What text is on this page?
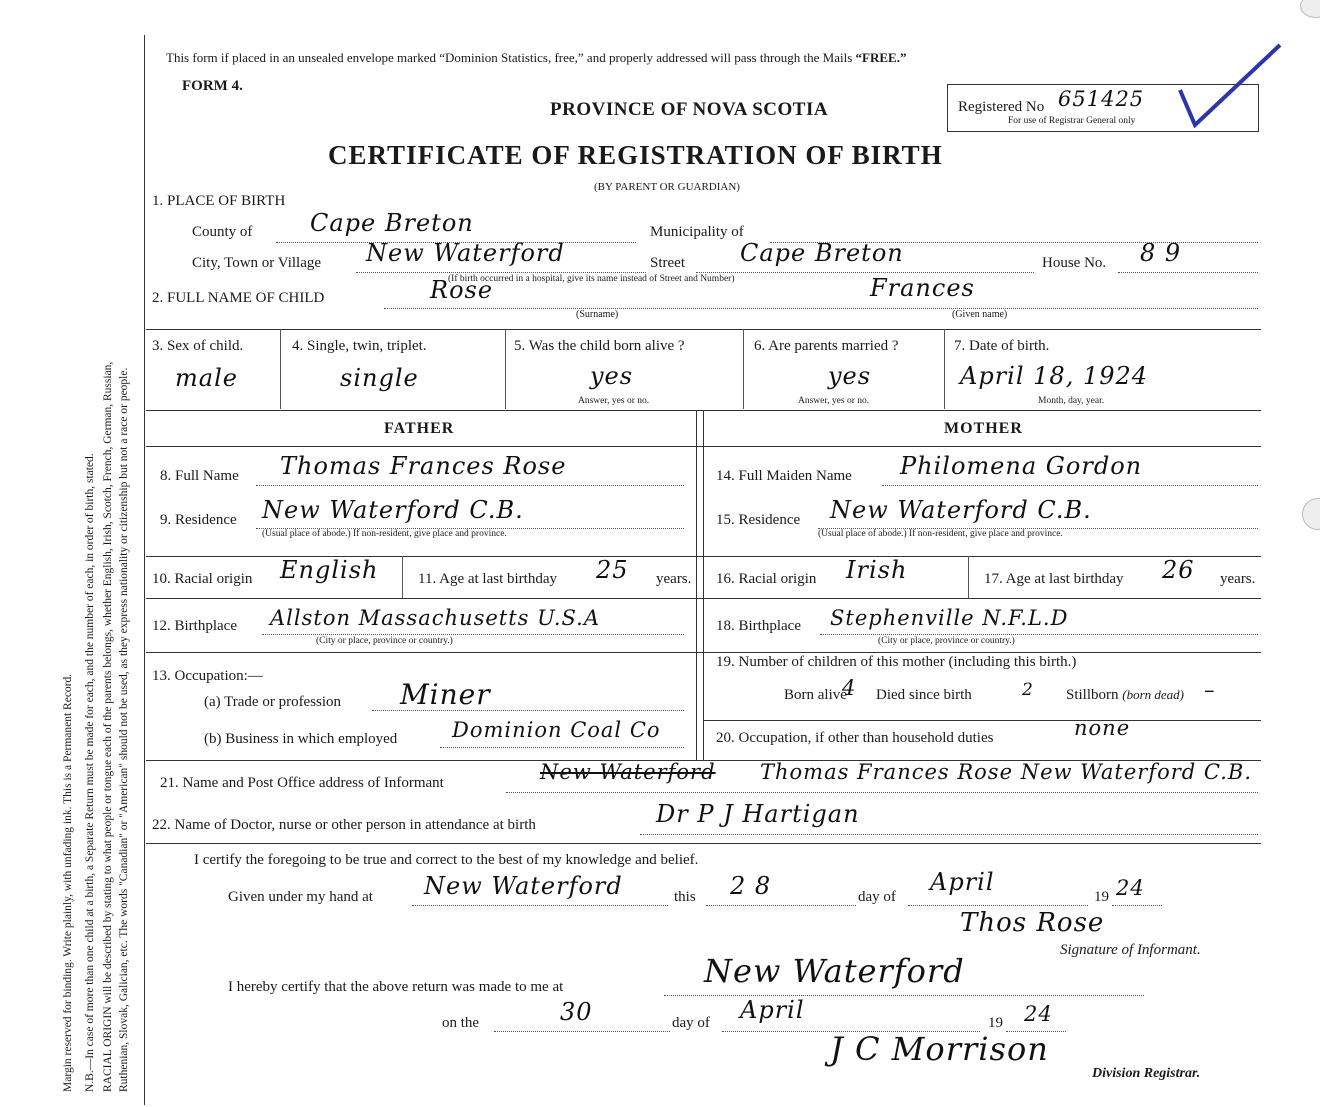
Margin reserved for binding. Write plainly, with unfading ink. This is a Permanent Record. N.B.—In case of more than one child at a birth, a Separate Return must be made for each, and the number of each, in order of birth, stated. RACIAL ORIGIN will be described by stating to what people or tongue each of the parents belongs, whether English, Irish, Scotch, French, German, Russian, Ruthenian, Slovak, Galician, etc. The words "Canadian" or "American" should not be used, as they express nationality or citizenship but not a race or people.
This form if placed in an unsealed envelope marked “Dominion Statistics, free,” and properly addressed will pass through the Mails “FREE.”
FORM 4.
PROVINCE OF NOVA SCOTIA	Registered No 651425
For use of Registrar General only
CERTIFICATE OF REGISTRATION OF BIRTH
(BY PARENT OR GUARDIAN)
1. PLACE OF BIRTH
County of Cape Breton	Municipality of
City, Town or Village New Waterford	Street Cape Breton	House No. 8 9
(If birth occurred in a hospital, give its name instead of Street and Number)
2. FULL NAME OF CHILD	Rose	Frances
(Surname)	(Given name)
3. Sex of child.
male
4. Single, twin, triplet.
single
5. Was the child born alive ?
yes
Answer, yes or no.
6. Are parents married ?
yes
Answer, yes or no.
7. Date of birth.
April 18, 1924
Month, day, year.
FATHER	MOTHER
8. Full Name Thomas Frances Rose
9. Residence New Waterford C.B.
(Usual place of abode.) If non-resident, give place and province.
10. Racial origin English	11. Age at last birthday 25 years.
12. Birthplace Allston Massachusetts U.S.A
(City or place, province or country.)
13. Occupation:—
(a) Trade or profession Miner
(b) Business in which employed	Dominion Coal Co
14. Full Maiden Name Philomena Gordon
15. Residence New Waterford C.B.
(Usual place of abode.) If non-resident, give place and province.
16. Racial origin Irish	17. Age at last birthday 26 years.
18. Birthplace Stephenville N.F.L.D
(City or place, province or country.)
19. Number of children of this mother (including this birth.)
Born alive
4 Died since birth	2 Stillborn (born dead) –
20. Occupation, if other than household duties	none
21. Name and Post Office address of Informant	New Waterford Thomas Frances Rose New Waterford C.B.
22. Name of Doctor, nurse or other person in attendance at birth	Dr P J Hartigan
I certify the foregoing to be true and correct to the best of my knowledge and belief.
Given under my hand at New Waterford	this 2 8	day of
April
19 24
Thos Rose
Signature of Informant.
I hereby certify that the above return was made to me at	New Waterford
on the	30	day of April	19 24
J C Morrison
Division Registrar.
